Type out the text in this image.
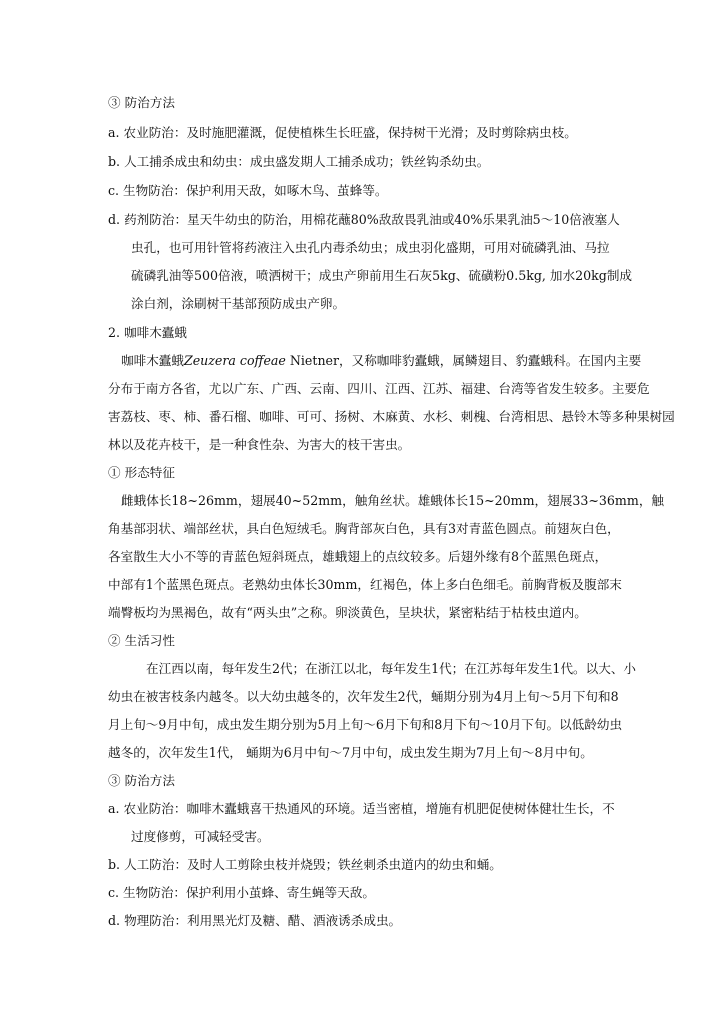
③ 防治方法
a. 农业防治：及时施肥灌溉，促使植株生长旺盛，保持树干光滑；及时剪除病虫枝。
b. 人工捕杀成虫和幼虫：成虫盛发期人工捕杀成功；铁丝钩杀幼虫。
c. 生物防治：保护利用天敌，如啄木鸟、茧蜂等。
d. 药剂防治：星天牛幼虫的防治，用棉花蘸80%敌敌畏乳油或40%乐果乳油5～10倍液塞人
虫孔，也可用针管将药液注入虫孔内毒杀幼虫；成虫羽化盛期，可用对硫磷乳油、马拉
硫磷乳油等500倍液，喷洒树干；成虫产卵前用生石灰5kg、硫磺粉0.5kg, 加水20kg制成
涂白剂，涂刷树干基部预防成虫产卵。
2. 咖啡木蠹蛾
咖啡木蠹蛾Zeuzera coffeae Nietner，又称咖啡豹蠹蛾，属鳞翅目、豹蠹蛾科。在国内主要
分布于南方各省，尤以广东、广西、云南、四川、江西、江苏、福建、台湾等省发生较多。主要危
害荔枝、枣、柿、番石榴、咖啡、可可、扬树、木麻黄、水杉、刺槐、台湾相思、悬铃木等多种果树园
林以及花卉枝干，是一种食性杂、为害大的枝干害虫。
① 形态特征
雌蛾体长18~26mm，翅展40~52mm，触角丝状。雄蛾体长15~20mm，翅展33~36mm，触
角基部羽状、端部丝状，具白色短绒毛。胸背部灰白色，具有3对青蓝色圆点。前翅灰白色，
各室散生大小不等的青蓝色短斜斑点，雄蛾翅上的点纹较多。后翅外缘有8个蓝黑色斑点，
中部有1个蓝黑色斑点。老熟幼虫体长30mm，红褐色，体上多白色细毛。前胸背板及腹部末
端臀板均为黑褐色，故有“两头虫”之称。卵淡黄色，呈块状，紧密粘结于枯枝虫道内。
② 生活习性
在江西以南，每年发生2代；在浙江以北，每年发生1代；在江苏每年发生1代。以大、小
幼虫在被害枝条内越冬。以大幼虫越冬的，次年发生2代，蛹期分别为4月上旬～5月下旬和8
月上旬～9月中旬，成虫发生期分别为5月上旬～6月下旬和8月下旬～10月下旬。以低龄幼虫
越冬的，次年发生1代， 蛹期为6月中旬～7月中旬，成虫发生期为7月上旬～8月中旬。
③ 防治方法
a. 农业防治：咖啡木蠹蛾喜干热通风的环境。适当密植，增施有机肥促使树体健壮生长，不
过度修剪，可减轻受害。
b. 人工防治：及时人工剪除虫枝并烧毁；铁丝刺杀虫道内的幼虫和蛹。
c. 生物防治：保护利用小茧蜂、寄生蝇等天敌。
d. 物理防治：利用黑光灯及糖、醋、酒液诱杀成虫。
